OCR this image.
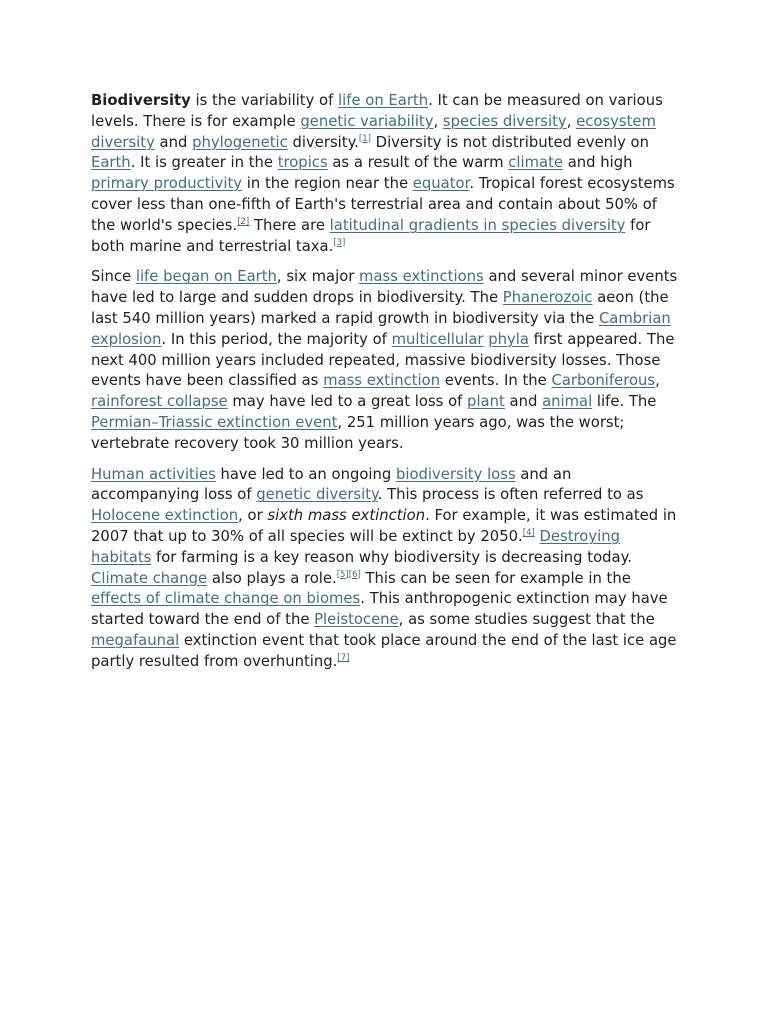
Biodiversity is the variability of life on Earth. It can be measured on various levels. There is for example genetic variability, species diversity, ecosystem diversity and phylogenetic diversity.[1] Diversity is not distributed evenly on Earth. It is greater in the tropics as a result of the warm climate and high primary productivity in the region near the equator. Tropical forest ecosystems cover less than one-fifth of Earth's terrestrial area and contain about 50% of the world's species.[2] There are latitudinal gradients in species diversity for both marine and terrestrial taxa.[3]

Since life began on Earth, six major mass extinctions and several minor events have led to large and sudden drops in biodiversity. The Phanerozoic aeon (the last 540 million years) marked a rapid growth in biodiversity via the Cambrian explosion. In this period, the majority of multicellular phyla first appeared. The next 400 million years included repeated, massive biodiversity losses. Those events have been classified as mass extinction events. In the Carboniferous, rainforest collapse may have led to a great loss of plant and animal life. The Permian–Triassic extinction event, 251 million years ago, was the worst; vertebrate recovery took 30 million years.

Human activities have led to an ongoing biodiversity loss and an accompanying loss of genetic diversity. This process is often referred to as Holocene extinction, or sixth mass extinction. For example, it was estimated in 2007 that up to 30% of all species will be extinct by 2050.[4] Destroying habitats for farming is a key reason why biodiversity is decreasing today. Climate change also plays a role.[5][6] This can be seen for example in the effects of climate change on biomes. This anthropogenic extinction may have started toward the end of the Pleistocene, as some studies suggest that the megafaunal extinction event that took place around the end of the last ice age partly resulted from overhunting.[7]
